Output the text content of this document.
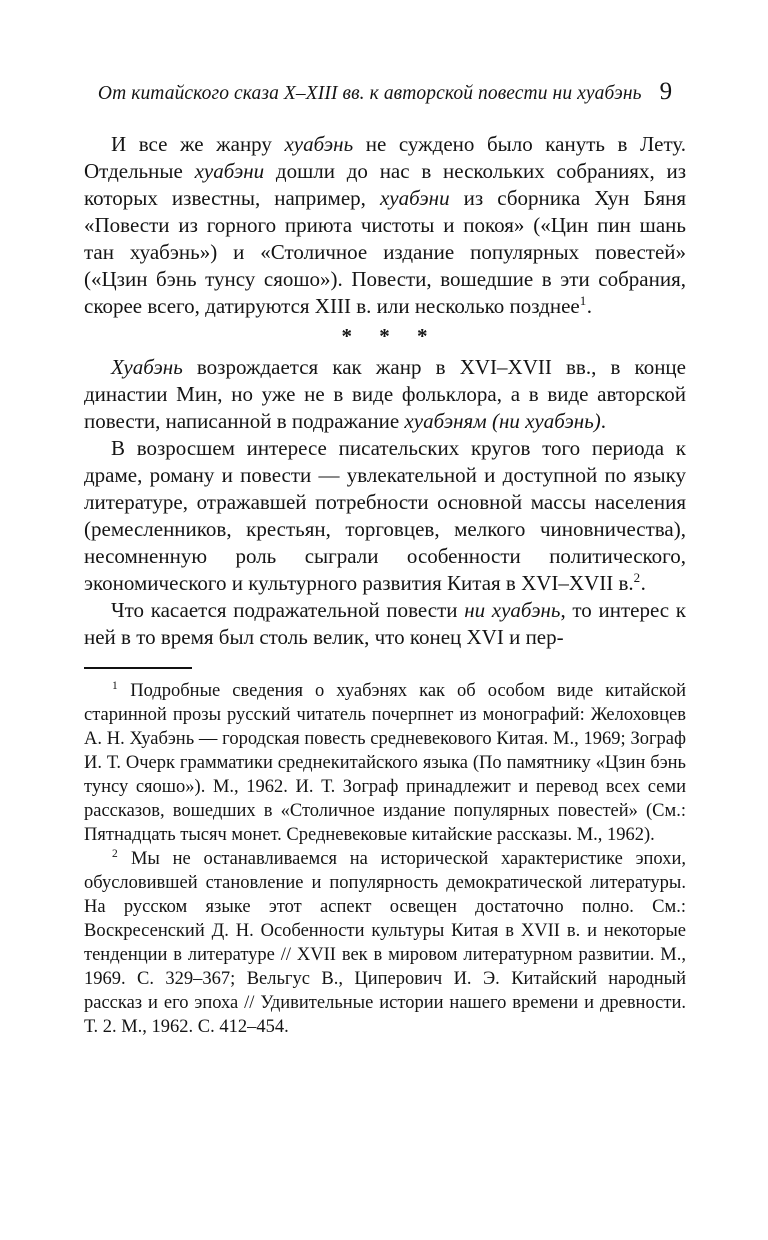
От китайского сказа X–XIII вв. к авторской повести ни хуабэнь 9

И все же жанру хуабэнь не суждено было кануть в Лету. Отдельные хуабэни дошли до нас в нескольких собраниях, из которых известны, например, хуабэни из сборника Хун Бяня «Повести из горного приюта чистоты и покоя» («Цин пин шань тан хуабэнь») и «Столичное издание популярных повестей» («Цзин бэнь тунсу сяошо»). Повести, вошедшие в эти собрания, скорее всего, датируются XIII в. или несколько позднее$^1$.

* * *

Хуабэнь возрождается как жанр в XVI–XVII вв., в конце династии Мин, но уже не в виде фольклора, а в виде авторской повести, написанной в подражание хуабэням (ни хуабэнь).

В возросшем интересе писательских кругов того периода к драме, роману и повести — увлекательной и доступной по языку литературе, отражавшей потребности основной массы населения (ремесленников, крестьян, торговцев, мелкого чиновничества), несомненную роль сыграли особенности политического, экономического и культурного развития Китая в XVI–XVII в.$^2$.

Что касается подражательной повести ни хуабэнь, то интерес к ней в то время был столь велик, что конец XVI и пер-

$^1$ Подробные сведения о хуабэнях как об особом виде китайской старинной прозы русский читатель почерпнет из монографий: Желоховцев А. Н. Хуабэнь — городская повесть средневекового Китая. М., 1969; Зограф И. Т. Очерк грамматики среднекитайского языка (По памятнику «Цзин бэнь тунсу сяошо»). М., 1962. И. Т. Зограф принадлежит и перевод всех семи рассказов, вошедших в «Столичное издание популярных повестей» (См.: Пятнадцать тысяч монет. Средневековые китайские рассказы. М., 1962).

$^2$ Мы не останавливаемся на исторической характеристике эпохи, обусловившей становление и популярность демократической литературы. На русском языке этот аспект освещен достаточно полно. См.: Воскресенский Д. Н. Особенности культуры Китая в XVII в. и некоторые тенденции в литературе // XVII век в мировом литературном развитии. М., 1969. С. 329–367; Вельгус В., Циперович И. Э. Китайский народный рассказ и его эпоха // Удивительные истории нашего времени и древности. Т. 2. М., 1962. С. 412–454.
